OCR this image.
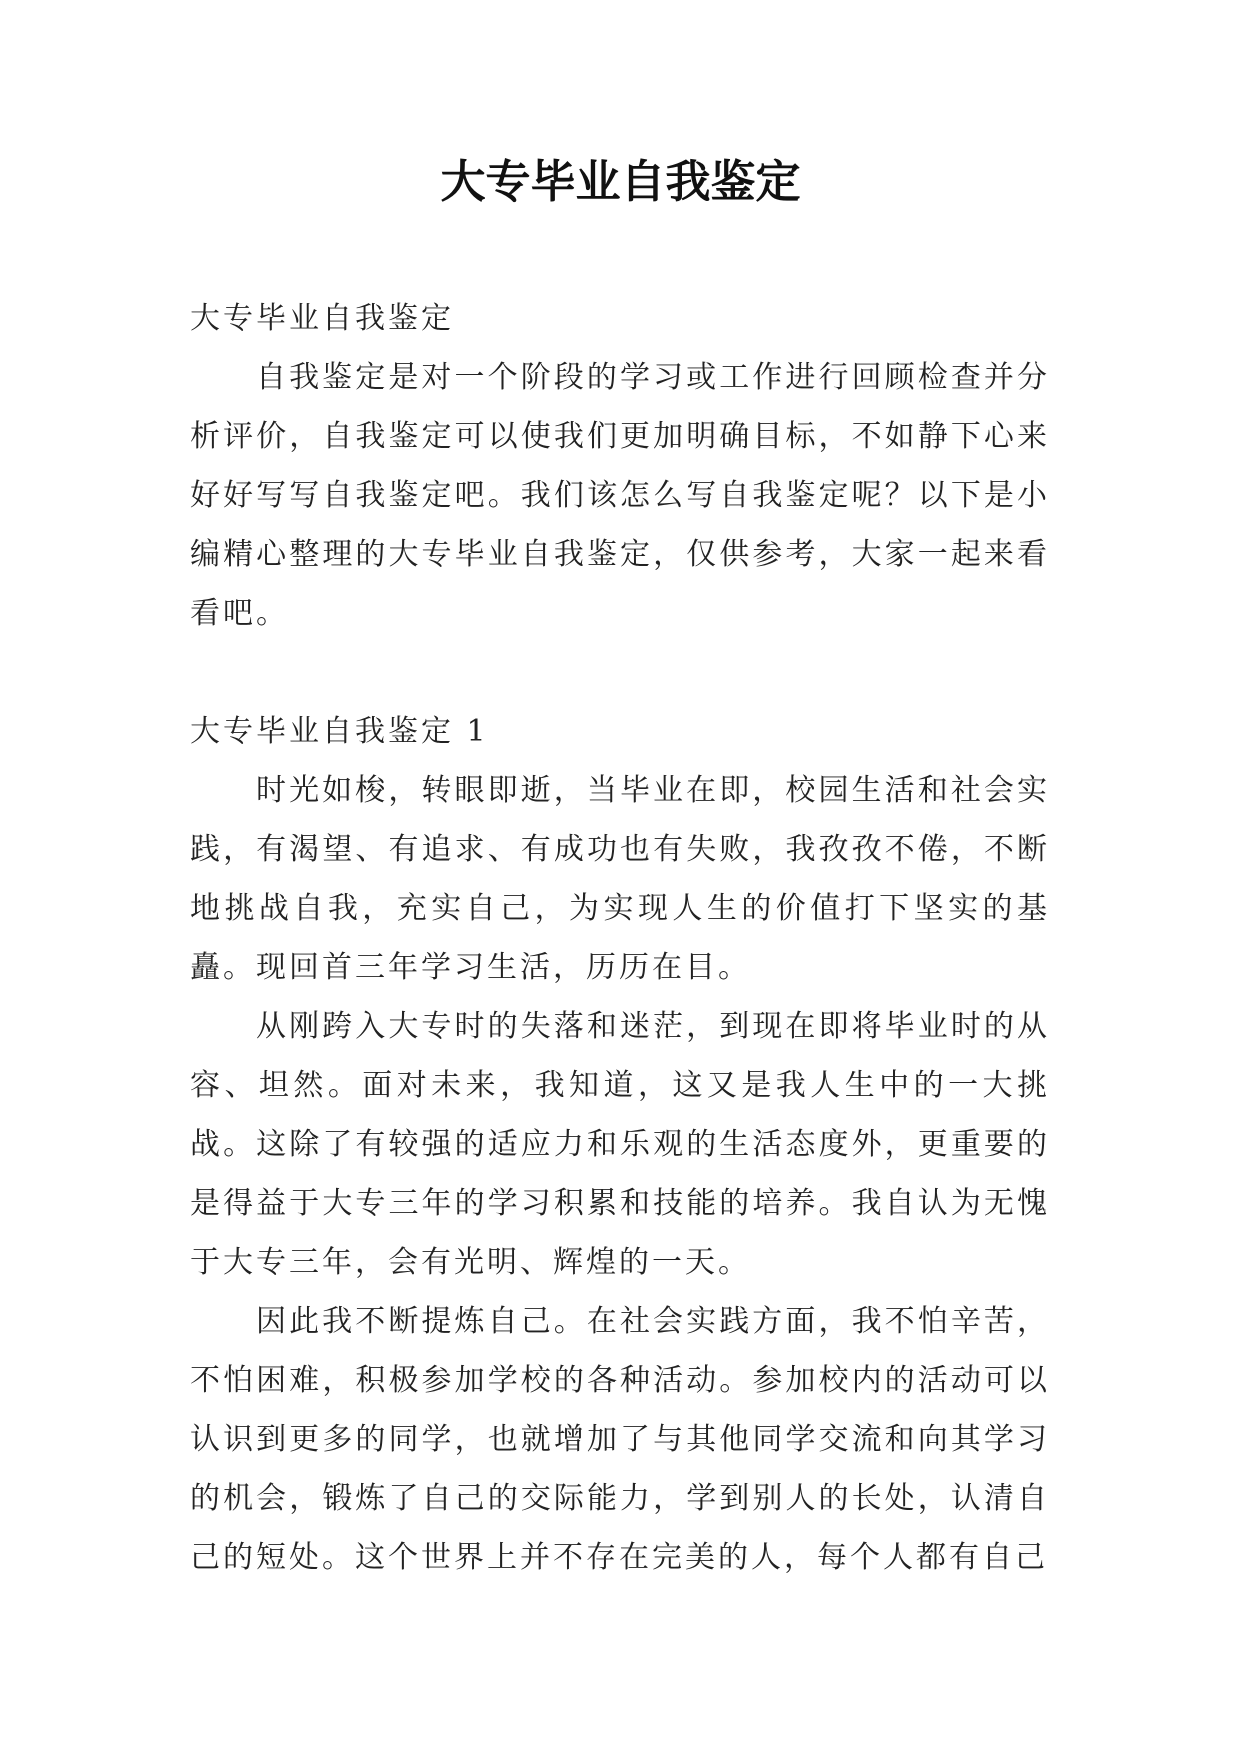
大专毕业自我鉴定

大专毕业自我鉴定

自我鉴定是对一个阶段的学习或工作进行回顾检查并分析评价，自我鉴定可以使我们更加明确目标，不如静下心来好好写写自我鉴定吧。我们该怎么写自我鉴定呢？以下是小编精心整理的大专毕业自我鉴定，仅供参考，大家一起来看看吧。

大专毕业自我鉴定 1

时光如梭，转眼即逝，当毕业在即，校园生活和社会实践，有渴望、有追求、有成功也有失败，我孜孜不倦，不断地挑战自我，充实自己，为实现人生的价值打下坚实的基矗。现回首三年学习生活，历历在目。

从刚跨入大专时的失落和迷茫，到现在即将毕业时的从容、坦然。面对未来，我知道，这又是我人生中的一大挑战。这除了有较强的适应力和乐观的生活态度外，更重要的是得益于大专三年的学习积累和技能的培养。我自认为无愧于大专三年，会有光明、辉煌的一天。

因此我不断提炼自己。在社会实践方面，我不怕辛苦，不怕困难，积极参加学校的各种活动。参加校内的活动可以认识到更多的同学，也就增加了与其他同学交流和向其学习的机会，锻炼了自己的交际能力，学到别人的长处，认清自己的短处。这个世界上并不存在完美的人，每个人都有自己
